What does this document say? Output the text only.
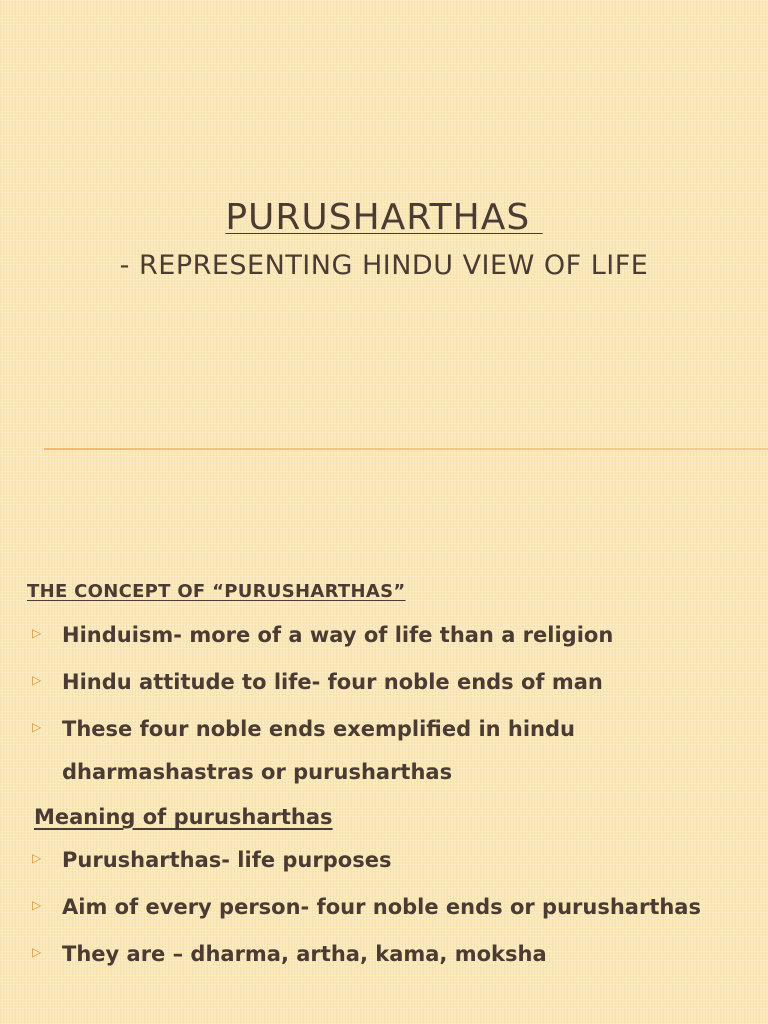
PURUSHARTHAS
- REPRESENTING HINDU VIEW OF LIFE
THE CONCEPT OF “PURUSHARTHAS”
▷ Hinduism- more of a way of life than a religion
▷ Hindu attitude to life- four noble ends of man
▷ These four noble ends exemplified in hindu dharmashastras or purusharthas
Meaning of purusharthas
▷ Purusharthas- life purposes
▷ Aim of every person- four noble ends or purusharthas
▷ They are – dharma, artha, kama, moksha
